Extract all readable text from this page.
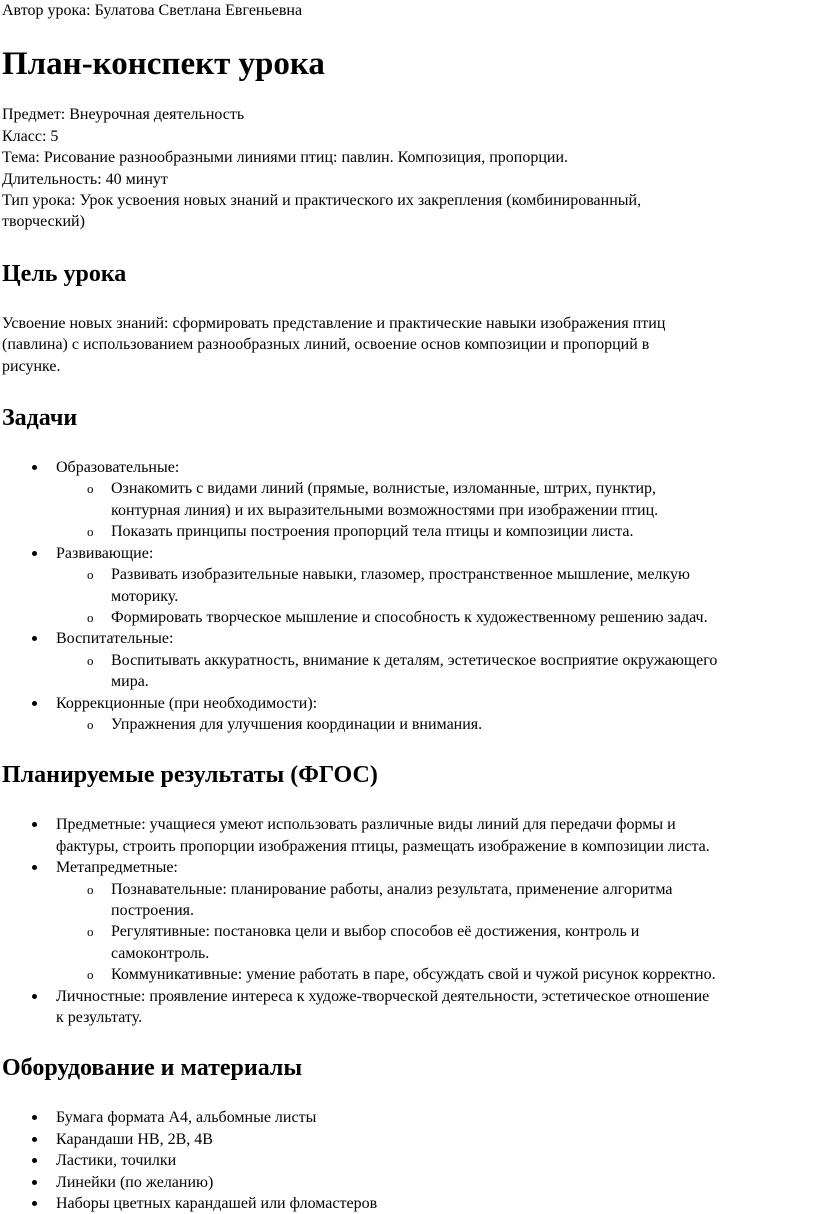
Автор урока: Булатова Светлана Евгеньевна

План-конспект урока

Предмет: Внеурочная деятельность

Класс: 5

Тема: Рисование разнообразными линиями птиц: павлин. Композиция, пропорции.

Длительность: 40 минут

Тип урока: Урок усвоения новых знаний и практического их закрепления (комбинированный,
творческий)

Цель урока

Усвоение новых знаний: сформировать представление и практические навыки изображения птиц
(павлина) с использованием разнообразных линий, освоение основ композиции и пропорций в
рисунке.

Задачи
Образовательные:
o Ознакомить с видами линий (прямые, волнистые, изломанные, штрих, пунктир,
контурная линия) и их выразительными возможностями при изображении птиц.
o Показать принципы построения пропорций тела птицы и композиции листа.
Развивающие:
o Развивать изобразительные навыки, глазомер, пространственное мышление, мелкую
моторику.
o Формировать творческое мышление и способность к художественному решению задач.
Воспитательные:
o Воспитывать аккуратность, внимание к деталям, эстетическое восприятие окружающего
мира.
Коррекционные (при необходимости):
o Упражнения для улучшения координации и внимания.
Планируемые результаты (ФГОС)
Предметные: учащиеся умеют использовать различные виды линий для передачи формы и
фактуры, строить пропорции изображения птицы, размещать изображение в композиции листа.
Метапредметные:
o Познавательные: планирование работы, анализ результата, применение алгоритма
построения.
o Регулятивные: постановка цели и выбор способов её достижения, контроль и
самоконтроль.
o Коммуникативные: умение работать в паре, обсуждать свой и чужой рисунок корректно.
Личностные: проявление интереса к художе-творческой деятельности, эстетическое отношение
к результату.
Оборудование и материалы
Бумага формата А4, альбомные листы
Карандаши HB, 2B, 4B
Ластики, точилки
Линейки (по желанию)
Наборы цветных карандашей или фломастеров
